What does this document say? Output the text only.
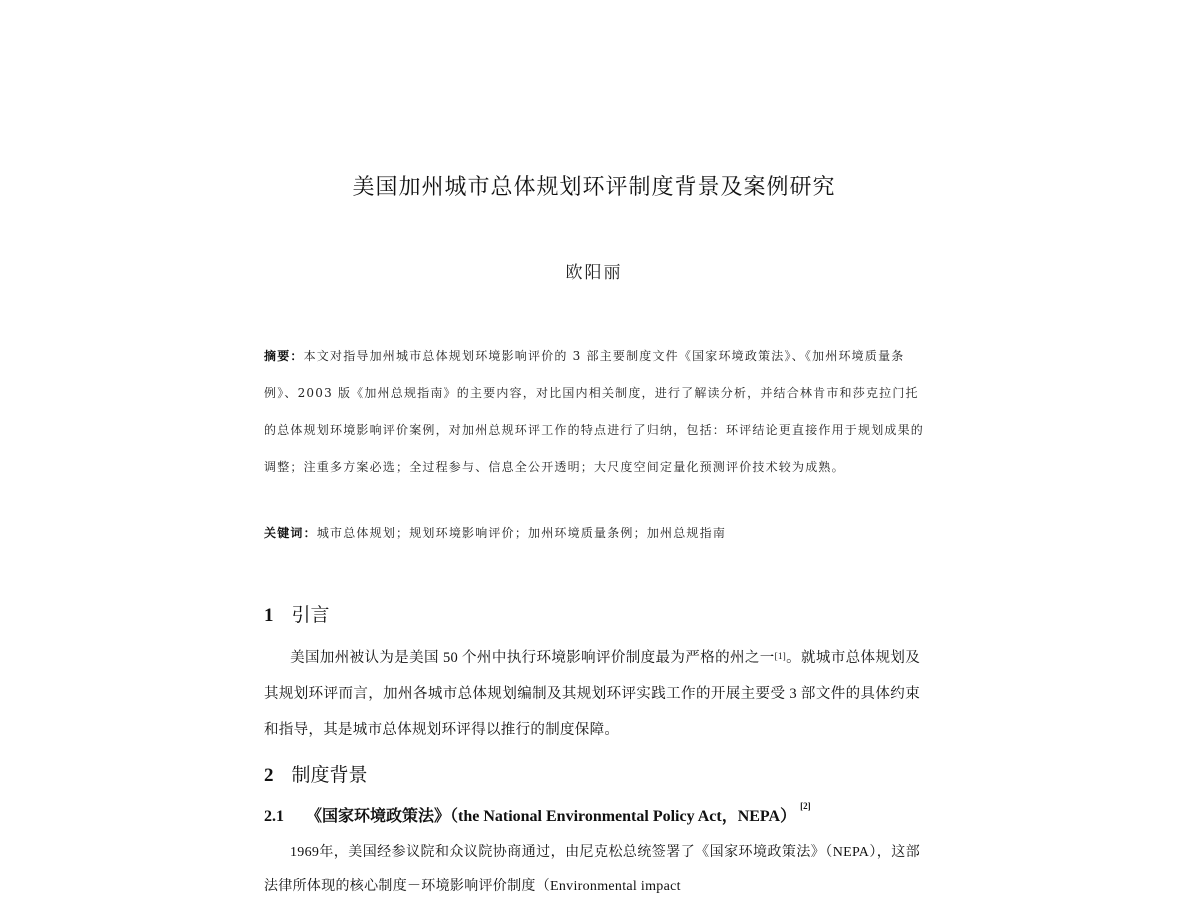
美国加州城市总体规划环评制度背景及案例研究
欧阳丽
摘要：本文对指导加州城市总体规划环境影响评价的 3 部主要制度文件《国家环境政策法》、《加州环境质量条例》、2003 版《加州总规指南》的主要内容，对比国内相关制度，进行了解读分析，并结合林肯市和莎克拉门托的总体规划环境影响评价案例，对加州总规环评工作的特点进行了归纳，包括：环评结论更直接作用于规划成果的调整；注重多方案必选；全过程参与、信息全公开透明；大尺度空间定量化预测评价技术较为成熟。
关键词：城市总体规划；规划环境影响评价；加州环境质量条例；加州总规指南
1 引言
美国加州被认为是美国 50 个州中执行环境影响评价制度最为严格的州之一[1]。就城市总体规划及其规划环评而言，加州各城市总体规划编制及其规划环评实践工作的开展主要受 3 部文件的具体约束和指导，其是城市总体规划环评得以推行的制度保障。
2 制度背景
2.1 《国家环境政策法》（the National Environmental Policy Act，NEPA） [2]
1969年，美国经参议院和众议院协商通过，由尼克松总统签署了《国家环境政策法》（NEPA），这部法律所体现的核心制度－环境影响评价制度（Environmental impact
